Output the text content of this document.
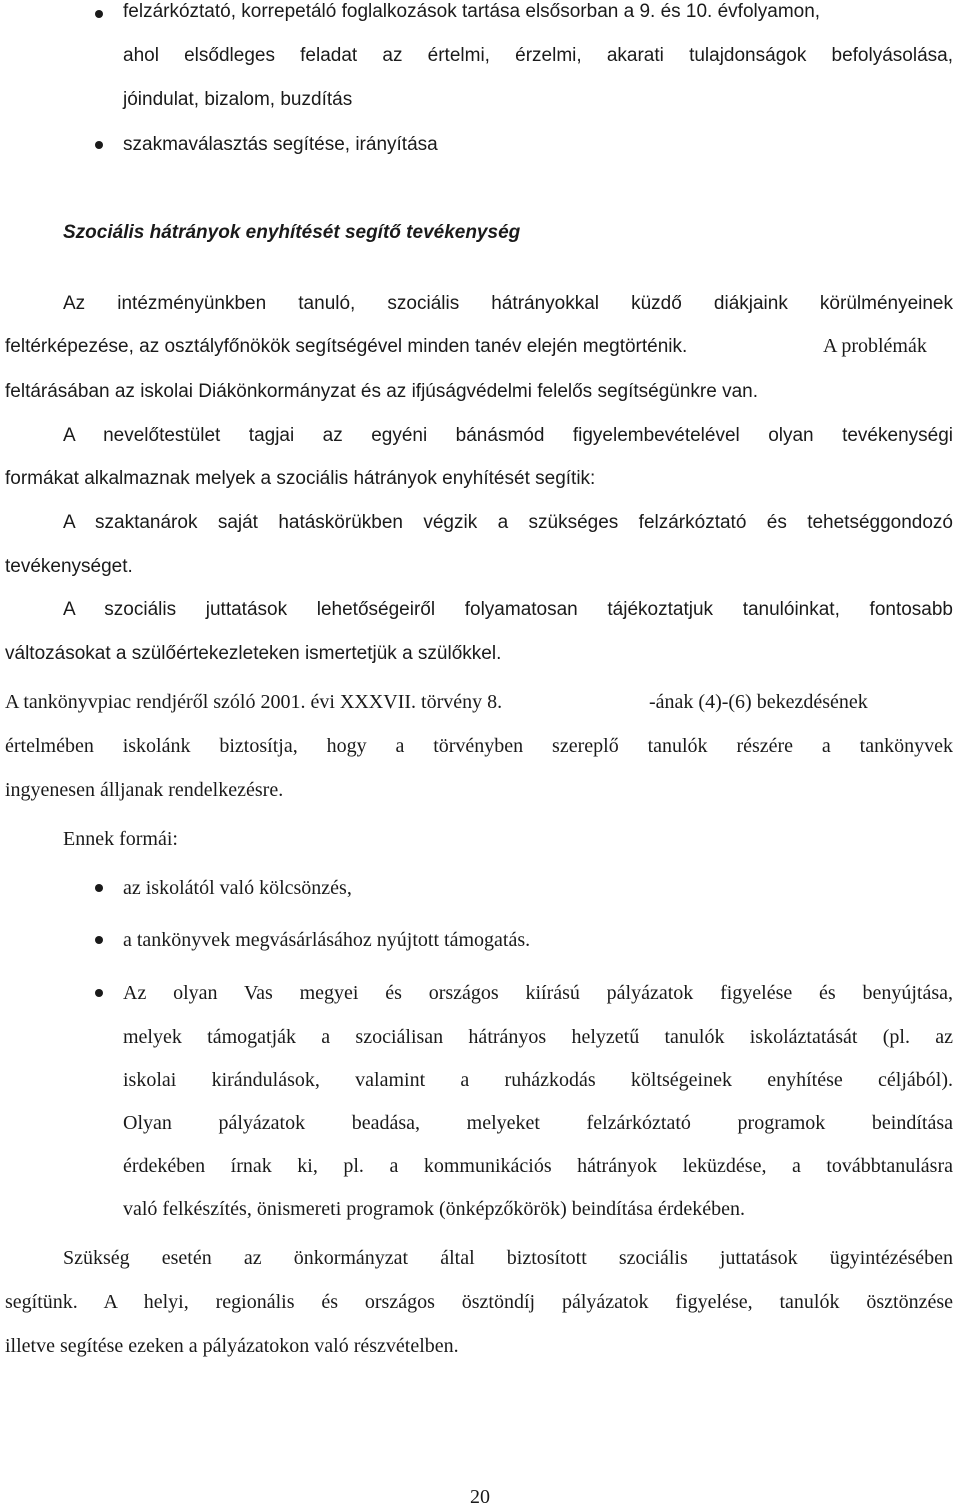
felzárkóztató, korrepetáló foglalkozások tartása elsősorban a 9. és 10. évfolyamon,
ahol elsődleges feladat az értelmi, érzelmi, akarati tulajdonságok befolyásolása,
jóindulat, bizalom, buzdítás
szakmaválasztás segítése, irányítása
Szociális hátrányok enyhítését segítő tevékenység
Az intézményünkben tanuló, szociális hátrányokkal küzdő diákjaink körülményeinek
feltérképezése, az osztályfőnökök segítségével minden tanév elején megtörténik.	A problémák
feltárásában az iskolai Diákönkormányzat és az ifjúságvédelmi felelős segítségünkre van.
A nevelőtestület tagjai az egyéni bánásmód figyelembevételével olyan tevékenységi
formákat alkalmaznak melyek a szociális hátrányok enyhítését segítik:
A szaktanárok saját hatáskörükben végzik a szükséges felzárkóztató és tehetséggondozó
tevékenységet.
A szociális juttatások lehetőségeiről folyamatosan tájékoztatjuk tanulóinkat, fontosabb
változásokat a szülőértekezleteken ismertetjük a szülőkkel.
A tankönyvpiac rendjéről szóló 2001. évi XXXVII. törvény 8.	-ának (4)-(6) bekezdésének
értelmében iskolánk biztosítja, hogy a törvényben szereplő tanulók részére a tankönyvek
ingyenesen álljanak rendelkezésre.
Ennek formái:
az iskolától való kölcsönzés,
a tankönyvek megvásárlásához nyújtott támogatás.
Az olyan Vas megyei és országos kiírású pályázatok figyelése és benyújtása,
melyek támogatják a szociálisan hátrányos helyzetű tanulók iskoláztatását (pl. az
iskolai kirándulások, valamint a ruházkodás költségeinek enyhítése céljából).
Olyan pályázatok beadása, melyeket felzárkóztató programok beindítása
érdekében írnak ki, pl. a kommunikációs hátrányok leküzdése, a továbbtanulásra
való felkészítés, önismereti programok (önképzőkörök) beindítása érdekében.
Szükség esetén az önkormányzat által biztosított szociális juttatások ügyintézésében
segítünk. A helyi, regionális és országos ösztöndíj pályázatok figyelése, tanulók ösztönzése
illetve segítése ezeken a pályázatokon való részvételben.
20
